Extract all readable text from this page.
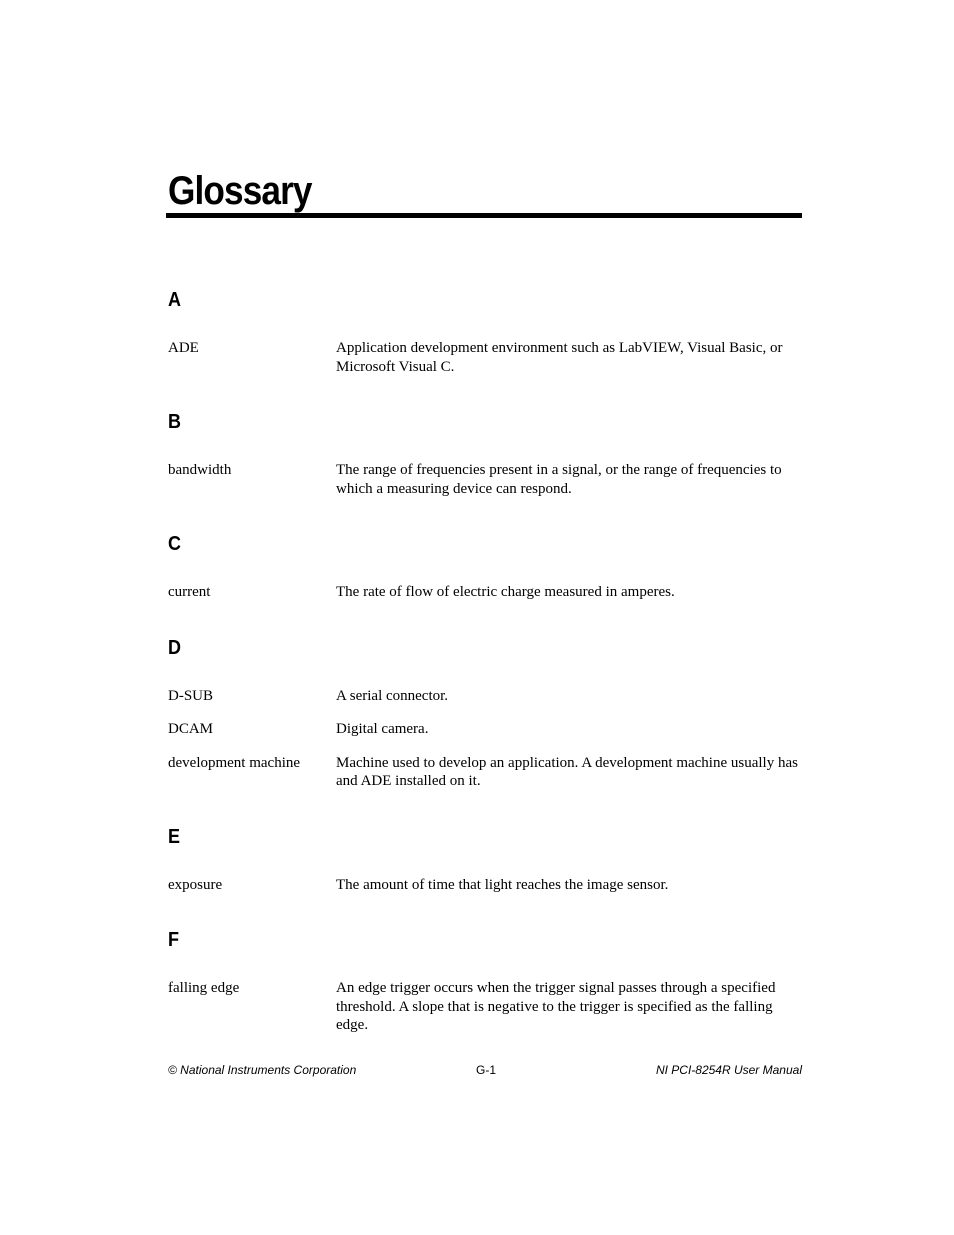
Glossary
A
ADE	Application development environment such as LabVIEW, Visual Basic, or Microsoft Visual C.
B
bandwidth	The range of frequencies present in a signal, or the range of frequencies to which a measuring device can respond.
C
current	The rate of flow of electric charge measured in amperes.
D
D-SUB	A serial connector.
DCAM	Digital camera.
development machine	Machine used to develop an application. A development machine usually has and ADE installed on it.
E
exposure	The amount of time that light reaches the image sensor.
F
falling edge	An edge trigger occurs when the trigger signal passes through a specified threshold. A slope that is negative to the trigger is specified as the falling edge.
© National Instruments Corporation	G-1	NI PCI-8254R User Manual
